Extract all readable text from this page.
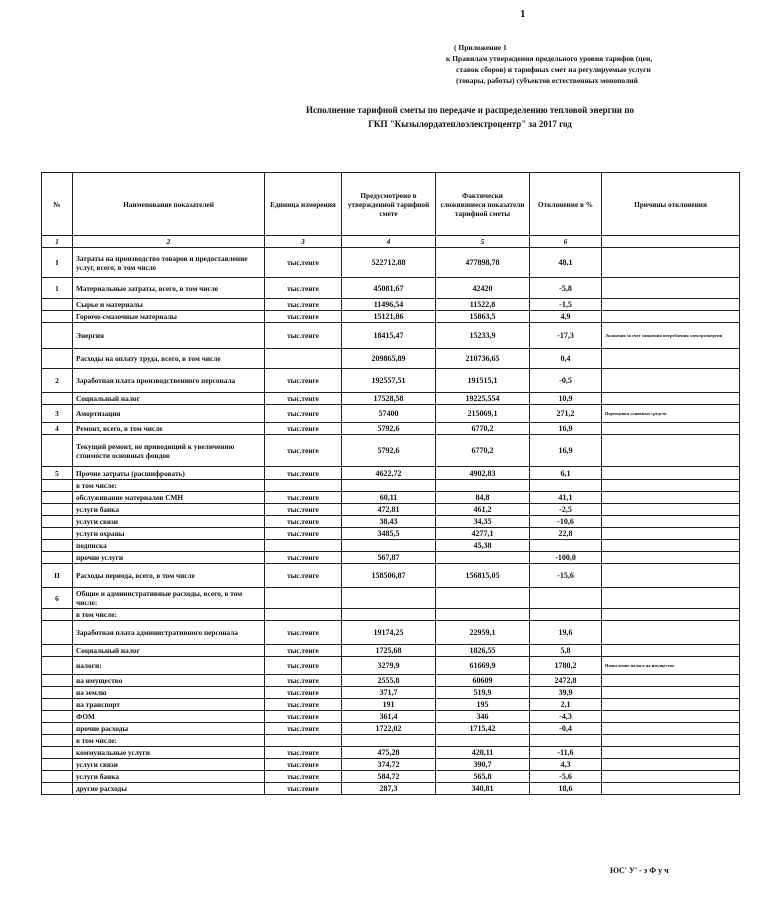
1
( Приложение 1
к Правилам утверждения предельного уровня тарифов (цен,
ставок сборов) и тарифных смет на регулируемые услуги
(товары, работы) субъектов естественных монополий
Исполнение тарифной сметы по передаче и распределению тепловой энергии по
ГКП "Кызылордатеплоэлектроцентр" за 2017 год
№	Наименование показателей	Единица измерения	Предусмотрено в утвержденной тарифной смете	Фактически сложившиеся показатели тарифной сметы	Отклонение в %	Причины отклонения
1	2	3	4	5	6	
I	Затраты на производство товаров и предоставление услуг, всего, в том числе	тыс.тенге	522712,88	477898,78	48,1	
1	Материальные затраты, всего, в том числе	тыс.тенге	45081,67	42420	-5,8	
	Сырье и материалы	тыс.тенге	11496,54	11522,8	-1,5	
	Горюче-смазочные материалы	тыс.тенге	15121,86	15863,5	4,9	
	Энергия	тыс.тенге	18415,47	15233,9	-17,3	Экономия за счет снижения потребления электроэнергии
	Расходы на оплату труда, всего, в том числе		209865,89	210736,65	0,4	
2	Заработная плата производственного персонала	тыс.тенге	192557,51	191515,1	-0,5	
	Социальный налог	тыс.тенге	17528,58	19225,554	10,9	
3	Амортизация	тыс.тенге	57400	215069,1	271,2	Переоценка основных средств
4	Ремонт, всего, в том числе	тыс.тенге	5792,6	6770,2	16,9	
	Текущий ремонт, не приводящий к увеличению стоимости основных фондов	тыс.тенге	5792,6	6770,2	16,9	
5	Прочие затраты (расшифровать)	тыс.тенге	4622,72	4902,83	6,1	
	в том числе:					
	обслуживание материалов СМН	тыс.тенге	60,11	84,8	41,1	
	услуги банка	тыс.тенге	472,81	461,2	-2,5	
	услуги связи	тыс.тенге	38,43	34,35	-10,6	
	услуги охраны	тыс.тенге	3485,5	4277,1	22,8	
	подписка			45,38		
	прочие услуги	тыс.тенге	567,87		-100,0	
II	Расходы периода, всего, в том числе	тыс.тенге	158506,87	156815,05	-15,6	
6	Общие и административные расходы, всего, в том числе:					
	в том числе:					
	Заработная плата административного персонала	тыс.тенге	19174,25	22959,1	19,6	
	Социальный налог	тыс.тенге	1725,68	1826,55	5,8	
	налоги:	тыс.тенге	3279,9	61669,9	1780,2	Начисление налога на имущество
	на имущество	тыс.тенге	2555,8	60609	2472,8	
	на землю	тыс.тенге	371,7	519,9	39,9	
	на транспорт	тыс.тенге	191	195	2,1	
	ФОМ	тыс.тенге	361,4	346	-4,3	
	прочие расходы	тыс.тенге	1722,02	1715,42	-0,4	
	в том числе:					
	коммунальные услуги	тыс.тенге	475,28	420,11	-11,6	
	услуги связи	тыс.тенге	374,72	390,7	4,3	
	услуги банка	тыс.тенге	584,72	565,8	-5,6	
	другие расходы	тыс.тенге	287,3	340,81	18,6	
ЮС' У' - э Ф у ч
